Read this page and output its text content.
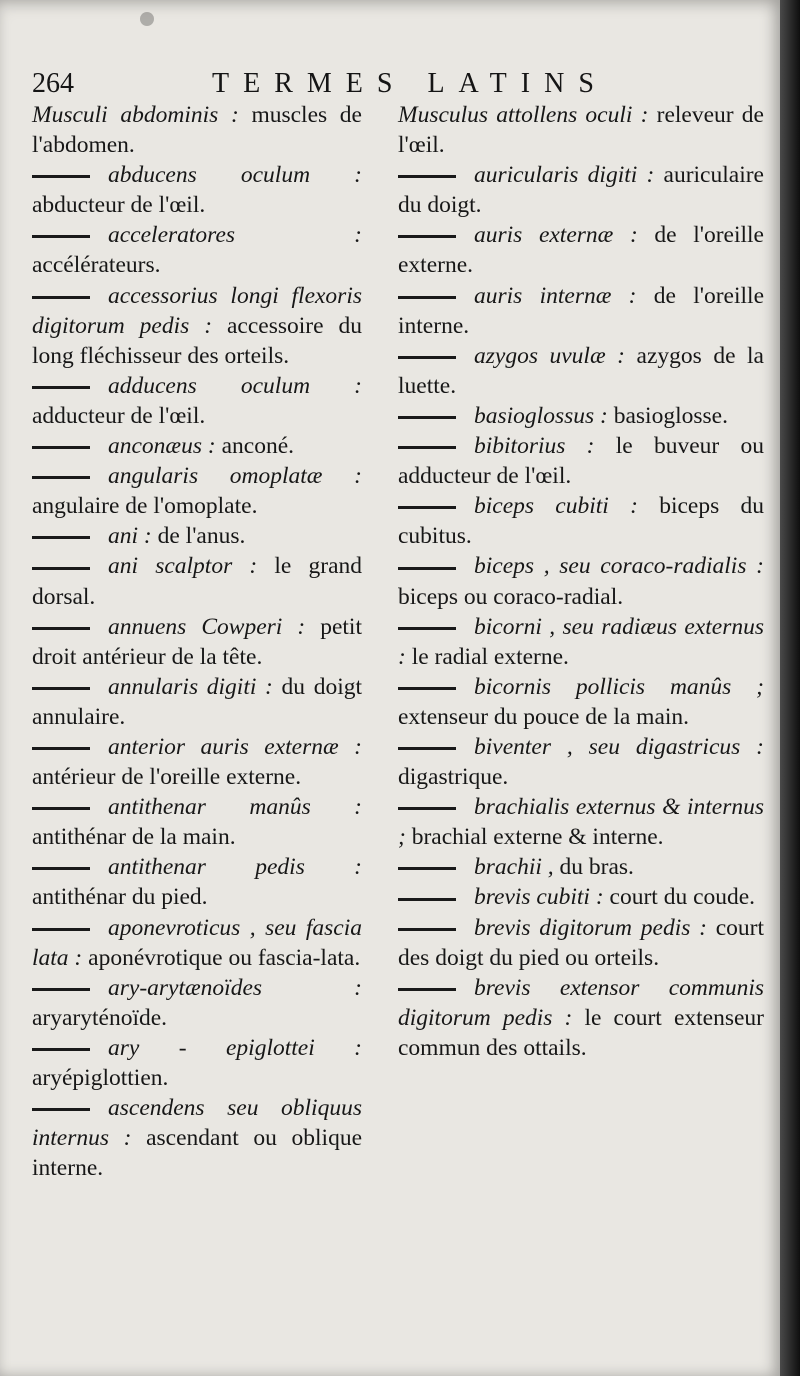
264	TERMES LATINS

Musculi abdominis : muscles de l'abdomen.

abducens oculum : abducteur de l'œil.

acceleratores : accélérateurs.

accessorius longi flexoris digitorum pedis : accessoire du long fléchisseur des orteils.

adducens oculum : adducteur de l'œil.

anconæus : anconé.

angularis omoplatæ : angulaire de l'omoplate.

ani : de l'anus.

ani scalptor : le grand dorsal.

annuens Cowperi : petit droit antérieur de la tête.

annularis digiti : du doigt annulaire.

anterior auris externæ : antérieur de l'oreille externe.

antithenar manûs : antithénar de la main.

antithenar pedis : antithénar du pied.

aponevroticus , seu fascia lata : aponévrotique ou fascia-lata.

ary-arytænoïdes : aryaryténoïde.

ary - epiglottei : aryépiglottien.

ascendens seu obliquus internus : ascendant ou oblique interne.

Musculus attollens oculi : releveur de l'œil.

auricularis digiti : auriculaire du doigt.

auris externæ : de l'oreille externe.

auris internæ : de l'oreille interne.

azygos uvulæ : azygos de la luette.

basioglossus : basioglosse.

bibitorius : le buveur ou adducteur de l'œil.

biceps cubiti : biceps du cubitus.

biceps , seu coraco-radialis : biceps ou coraco-radial.

bicorni , seu radiæus externus : le radial externe.

bicornis pollicis manûs ; extenseur du pouce de la main.

biventer , seu digastricus : digastrique.

brachialis externus & internus ; brachial externe & interne.

brachii , du bras.

brevis cubiti : court du coude.

brevis digitorum pedis : court des doigt du pied ou orteils.

brevis extensor communis digitorum pedis : le court extenseur commun des ottails.
